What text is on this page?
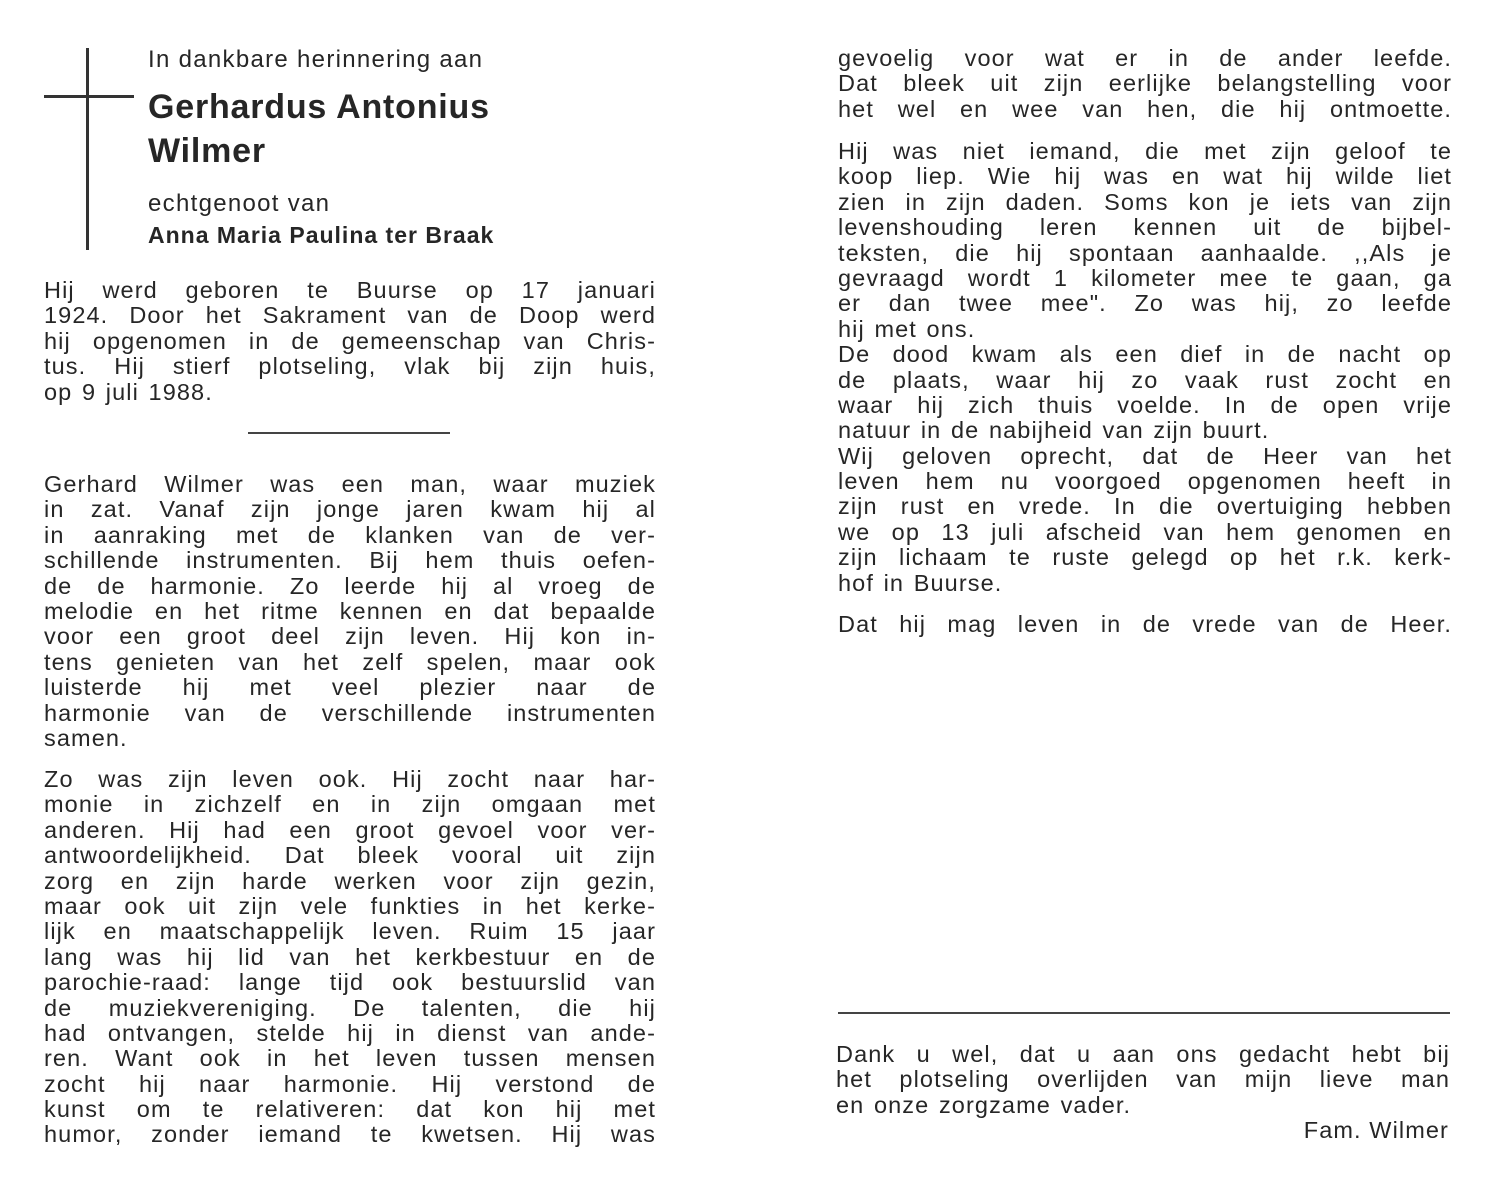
In dankbare herinnering aan
Gerhardus Antonius
Wilmer
echtgenoot van
Anna Maria Paulina ter Braak
Hij werd geboren te Buurse op 17 januari
1924. Door het Sakrament van de Doop werd
hij opgenomen in de gemeenschap van Chris-
tus. Hij stierf plotseling, vlak bij zijn huis,
op 9 juli 1988.
Gerhard Wilmer was een man, waar muziek
in zat. Vanaf zijn jonge jaren kwam hij al
in aanraking met de klanken van de ver-
schillende instrumenten. Bij hem thuis oefen-
de de harmonie. Zo leerde hij al vroeg de
melodie en het ritme kennen en dat bepaalde
voor een groot deel zijn leven. Hij kon in-
tens genieten van het zelf spelen, maar ook
luisterde hij met veel plezier naar de
harmonie van de verschillende instrumenten
samen.
Zo was zijn leven ook. Hij zocht naar har-
monie in zichzelf en in zijn omgaan met
anderen. Hij had een groot gevoel voor ver-
antwoordelijkheid. Dat bleek vooral uit zijn
zorg en zijn harde werken voor zijn gezin,
maar ook uit zijn vele funkties in het kerke-
lijk en maatschappelijk leven. Ruim 15 jaar
lang was hij lid van het kerkbestuur en de
parochie-raad: lange tijd ook bestuurslid van
de muziekvereniging. De talenten, die hij
had ontvangen, stelde hij in dienst van ande-
ren. Want ook in het leven tussen mensen
zocht hij naar harmonie. Hij verstond de
kunst om te relativeren: dat kon hij met
humor, zonder iemand te kwetsen. Hij was
gevoelig voor wat er in de ander leefde.
Dat bleek uit zijn eerlijke belangstelling voor
het wel en wee van hen, die hij ontmoette.
Hij was niet iemand, die met zijn geloof te
koop liep. Wie hij was en wat hij wilde liet
zien in zijn daden. Soms kon je iets van zijn
levenshouding leren kennen uit de bijbel-
teksten, die hij spontaan aanhaalde. ,,Als je
gevraagd wordt 1 kilometer mee te gaan, ga
er dan twee mee". Zo was hij, zo leefde
hij met ons.
De dood kwam als een dief in de nacht op
de plaats, waar hij zo vaak rust zocht en
waar hij zich thuis voelde. In de open vrije
natuur in de nabijheid van zijn buurt.
Wij geloven oprecht, dat de Heer van het
leven hem nu voorgoed opgenomen heeft in
zijn rust en vrede. In die overtuiging hebben
we op 13 juli afscheid van hem genomen en
zijn lichaam te ruste gelegd op het r.k. kerk-
hof in Buurse.
Dat hij mag leven in de vrede van de Heer.
Dank u wel, dat u aan ons gedacht hebt bij
het plotseling overlijden van mijn lieve man
en onze zorgzame vader.
Fam. Wilmer
